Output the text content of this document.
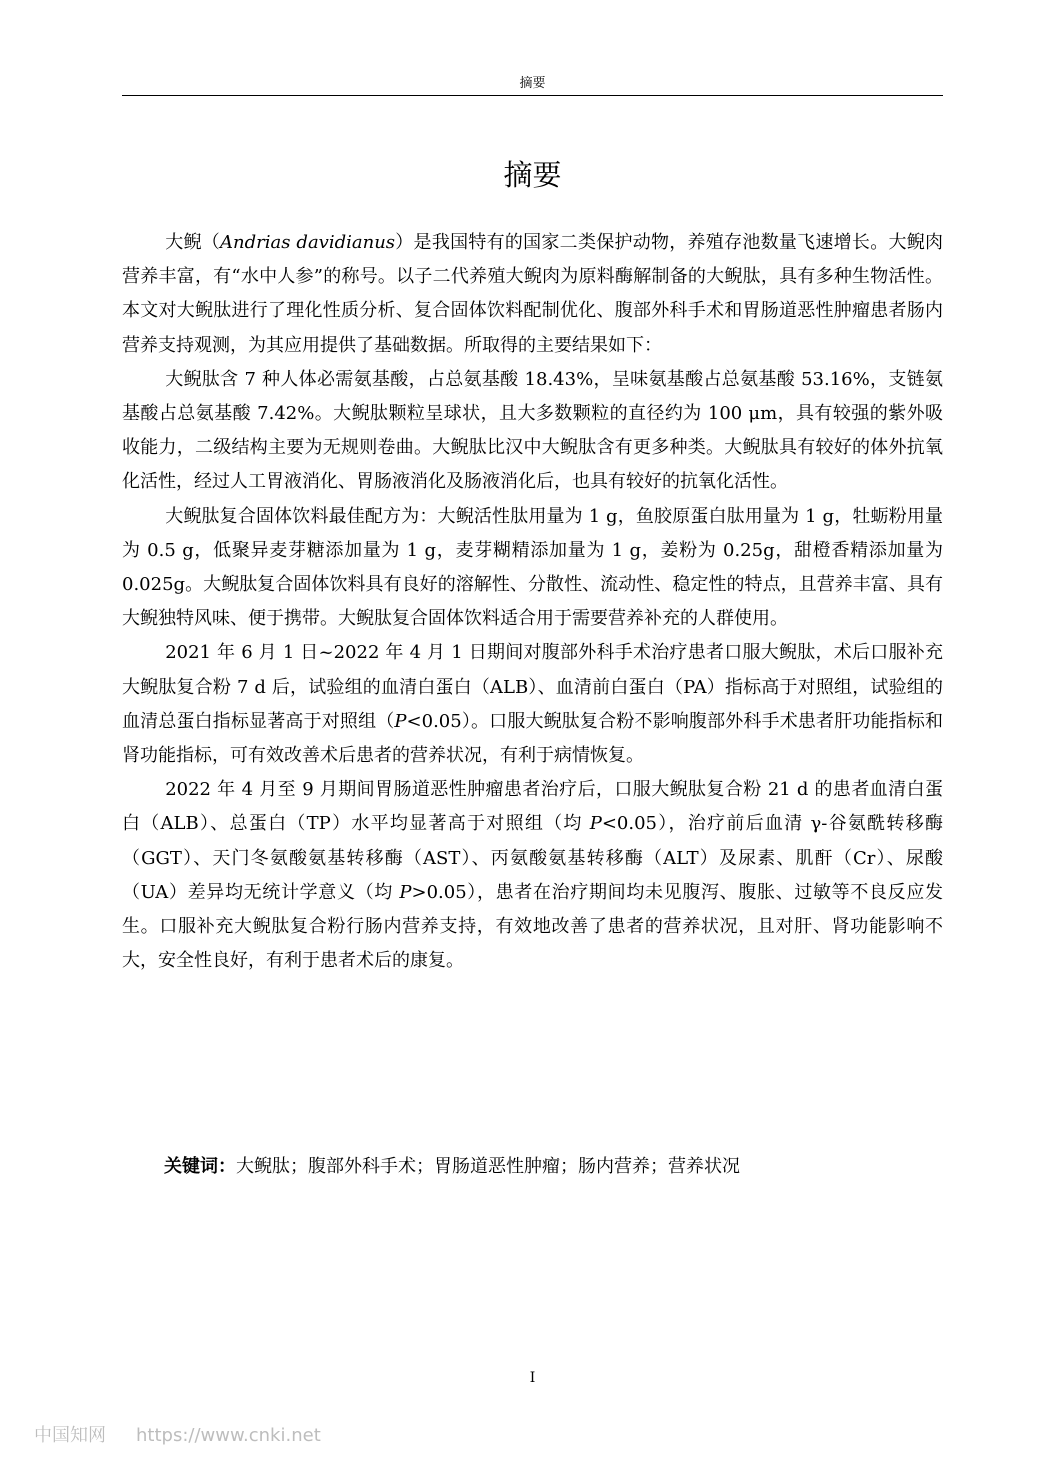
摘要
摘要

大鲵（Andrias davidianus）是我国特有的国家二类保护动物，养殖存池数量飞速增长。大鲵肉营养丰富，有“水中人参”的称号。以子二代养殖大鲵肉为原料酶解制备的大鲵肽，具有多种生物活性。本文对大鲵肽进行了理化性质分析、复合固体饮料配制优化、腹部外科手术和胃肠道恶性肿瘤患者肠内营养支持观测，为其应用提供了基础数据。所取得的主要结果如下：

大鲵肽含 7 种人体必需氨基酸，占总氨基酸 18.43%，呈味氨基酸占总氨基酸 53.16%，支链氨基酸占总氨基酸 7.42%。大鲵肽颗粒呈球状，且大多数颗粒的直径约为 100 μm，具有较强的紫外吸收能力，二级结构主要为无规则卷曲。大鲵肽比汉中大鲵肽含有更多种类。大鲵肽具有较好的体外抗氧化活性，经过人工胃液消化、胃肠液消化及肠液消化后，也具有较好的抗氧化活性。

大鲵肽复合固体饮料最佳配方为：大鲵活性肽用量为 1 g，鱼胶原蛋白肽用量为 1 g，牡蛎粉用量为 0.5 g，低聚异麦芽糖添加量为 1 g，麦芽糊精添加量为 1 g，姜粉为 0.25g，甜橙香精添加量为 0.025g。大鲵肽复合固体饮料具有良好的溶解性、分散性、流动性、稳定性的特点，且营养丰富、具有大鲵独特风味、便于携带。大鲵肽复合固体饮料适合用于需要营养补充的人群使用。

2021 年 6 月 1 日~2022 年 4 月 1 日期间对腹部外科手术治疗患者口服大鲵肽，术后口服补充大鲵肽复合粉 7 d 后，试验组的血清白蛋白（ALB）、血清前白蛋白（PA）指标高于对照组，试验组的血清总蛋白指标显著高于对照组（P<0.05）。口服大鲵肽复合粉不影响腹部外科手术患者肝功能指标和肾功能指标，可有效改善术后患者的营养状况，有利于病情恢复。

2022 年 4 月至 9 月期间胃肠道恶性肿瘤患者治疗后，口服大鲵肽复合粉 21 d 的患者血清白蛋白（ALB）、总蛋白（TP）水平均显著高于对照组（均 P<0.05），治疗前后血清 γ-谷氨酰转移酶（GGT）、天门冬氨酸氨基转移酶（AST）、丙氨酸氨基转移酶（ALT）及尿素、肌酐（Cr）、尿酸（UA）差异均无统计学意义（均 P>0.05），患者在治疗期间均未见腹泻、腹胀、过敏等不良反应发生。口服补充大鲵肽复合粉行肠内营养支持，有效地改善了患者的营养状况，且对肝、肾功能影响不大，安全性良好，有利于患者术后的康复。

关键词：大鲵肽；腹部外科手术；胃肠道恶性肿瘤；肠内营养；营养状况
I
中国知网 https://www.cnki.net
